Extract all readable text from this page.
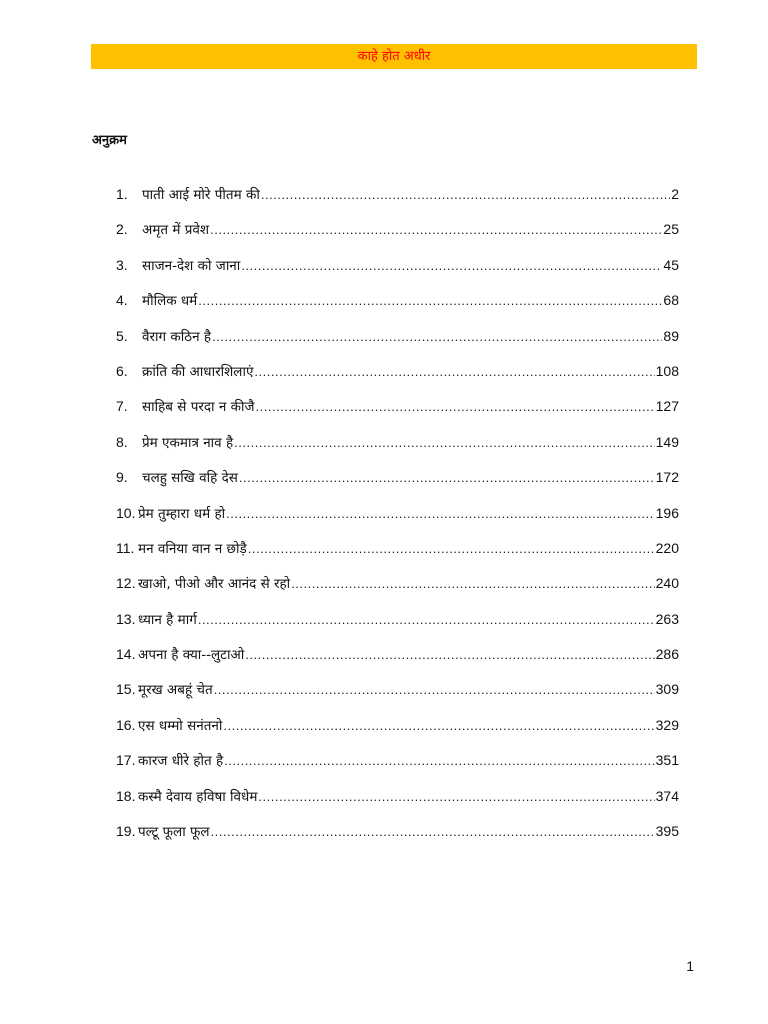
काहे होत अधीर
अनुक्रम
1.	पाती आई मोरे पीतम की .....	2
2.	अमृत में प्रवेश .....	25
3.	साजन-देश को जाना .....	45
4.	मौलिक धर्म .....	68
5.	वैराग कठिन है .....	89
6.	क्रांति की आधारशिलाएं .....	108
7.	साहिब से परदा न कीजै .....	127
8.	प्रेम एकमात्र नाव है .....	149
9.	चलहु सखि वहि देस .....	172
10. प्रेम तुम्हारा धर्म हो .....	196
11. मन वनिया वान न छोड़ै .....	220
12. खाओ, पीओ और आनंद से रहो .....	240
13. ध्यान है मार्ग .....	263
14. अपना है क्या--लुटाओ .....	286
15. मूरख अबहूं चेत .....	309
16. एस धम्मो सनंतनो .....	329
17. कारज धीरे होत है .....	351
18. कस्मै देवाय हविषा विधेम .....	374
19. पल्टू फूला फूल .....	395
1
